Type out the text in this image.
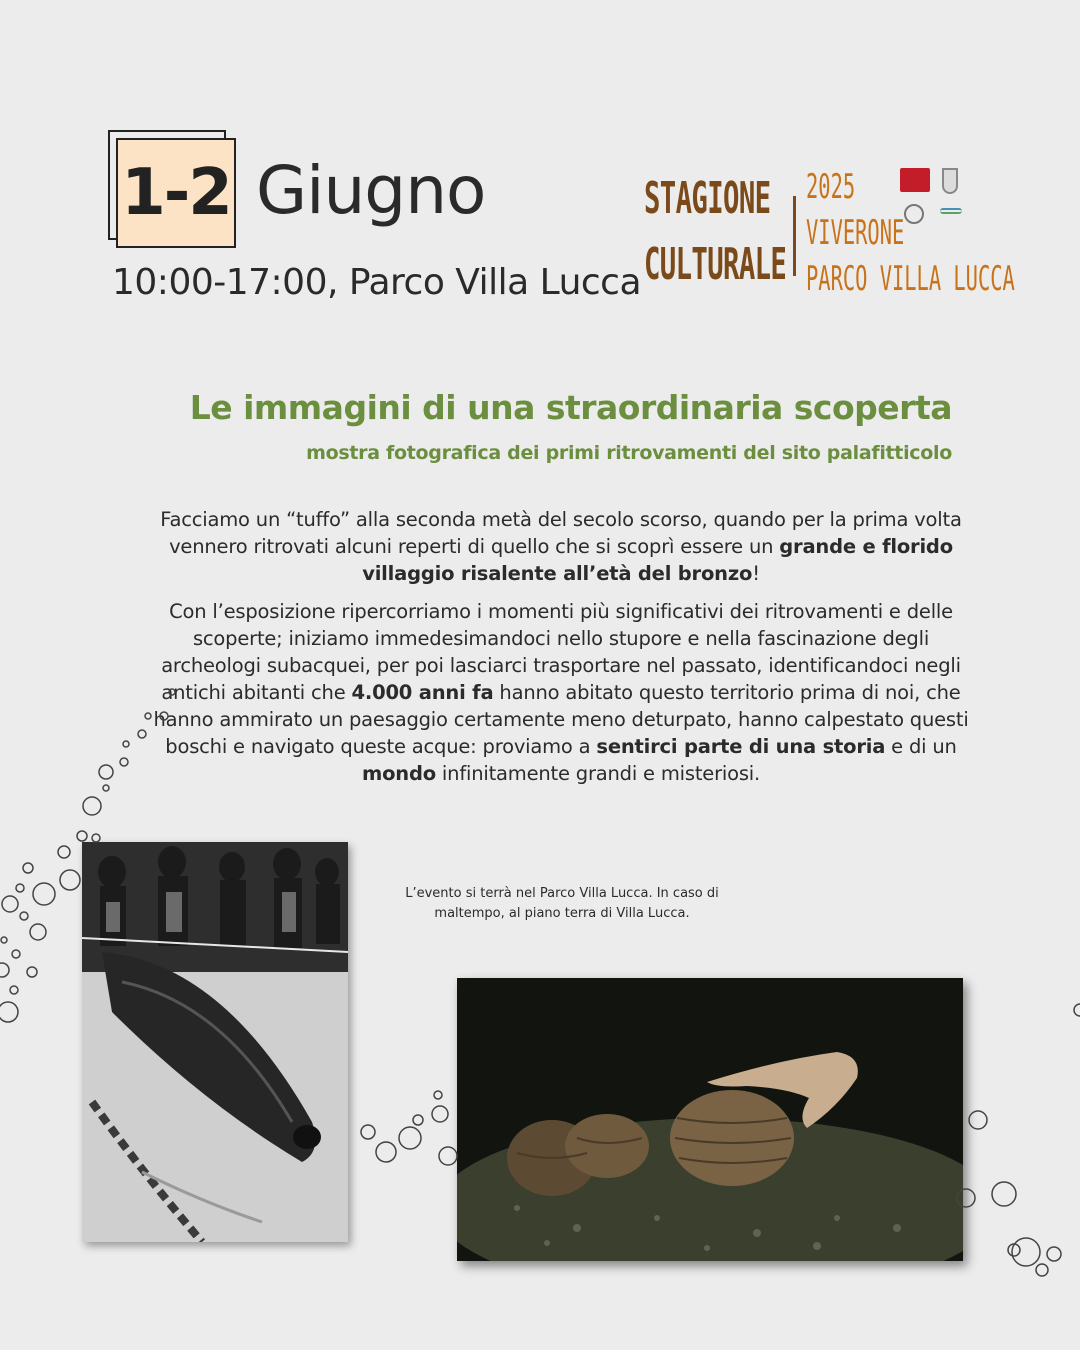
1-2 Giugno
10:00-17:00, Parco Villa Lucca
STAGIONE
CULTURALE
2025
VIVERONE
PARCO VILLA LUCCA
Le immagini di una straordinaria scoperta
mostra fotografica dei primi ritrovamenti del sito palafitticolo

Facciamo un “tuffo” alla seconda metà del secolo scorso, quando per la prima volta vennero ritrovati alcuni reperti di quello che si scoprì essere un grande e florido villaggio risalente all’età del bronzo!

Con l’esposizione ripercorriamo i momenti più significativi dei ritrovamenti e delle scoperte; iniziamo immedesimandoci nello stupore e nella fascinazione degli archeologi subacquei, per poi lasciarci trasportare nel passato, identificandoci negli antichi abitanti che 4.000 anni fa hanno abitato questo territorio prima di noi, che hanno ammirato un paesaggio certamente meno deturpato, hanno calpestato questi boschi e navigato queste acque: proviamo a sentirci parte di una storia e di un mondo infinitamente grandi e misteriosi.

L’evento si terrà nel Parco Villa Lucca. In caso di maltempo, al piano terra di Villa Lucca.
